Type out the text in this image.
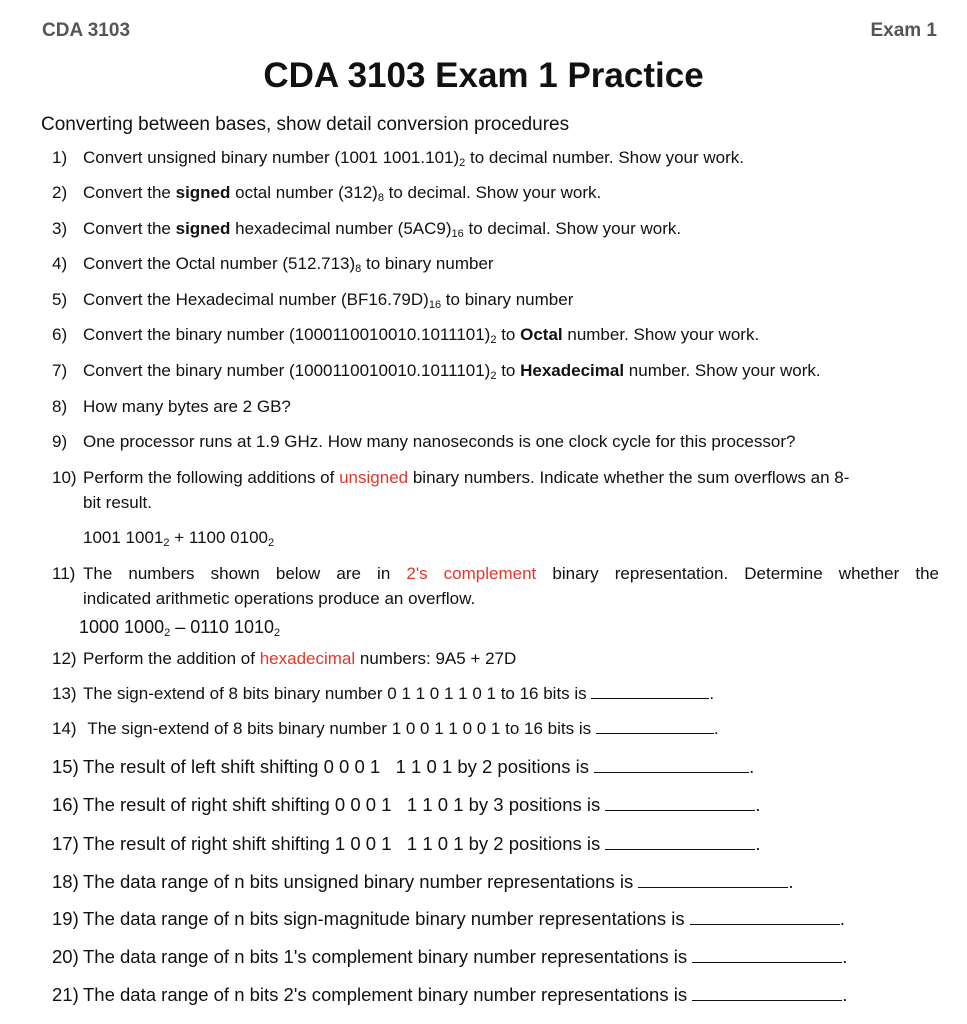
CDA 3103	Exam 1
CDA 3103 Exam 1 Practice
Converting between bases, show detail conversion procedures
1) Convert unsigned binary number (1001 $1001.101)_2$ to decimal number. Show your work.
2) Convert the signed octal number $(312)_8$ to decimal. Show your work.
3) Convert the signed hexadecimal number $(5AC9)_{16}$ to decimal. Show your work.
4) Convert the Octal number $(512.713)_8$ to binary number
5) Convert the Hexadecimal number $(BF16.79D)_{16}$ to binary number
6) Convert the binary number $(1000110010010.1011101)_2$ to Octal number. Show your work.
7) Convert the binary number $(1000110010010.1011101)_2$ to Hexadecimal number. Show your work.
8) How many bytes are 2 GB?
9) One processor runs at 1.9 GHz. How many nanoseconds is one clock cycle for this processor?
10) Perform the following additions of unsigned binary numbers. Indicate whether the sum overflows an 8-
bit result.
1001 $1001_2 + 1100$ $0100_2$
11) The numbers shown below are in 2's complement binary representation. Determine whether the
indicated arithmetic operations produce an overflow.
1000 $1000_2 - 0110$ $1010_2$
12) Perform the addition of hexadecimal numbers: 9A5 + 27D
13) The sign-extend of 8 bits binary number 0 1 1 0 1 1 0 1 to 16 bits is	.
14) The sign-extend of 8 bits binary number 1 0 0 1 1 0 0 1 to 16 bits is	.
15) The result of left shift shifting 0 0 0 1   1 1 0 1 by 2 positions is	.
16) The result of right shift shifting 0 0 0 1   1 1 0 1 by 3 positions is	.
17) The result of right shift shifting 1 0 0 1   1 1 0 1 by 2 positions is	.
18) The data range of n bits unsigned binary number representations is	.
19) The data range of n bits sign-magnitude binary number representations is	.
20) The data range of n bits 1's complement binary number representations is	.
21) The data range of n bits 2's complement binary number representations is	.
